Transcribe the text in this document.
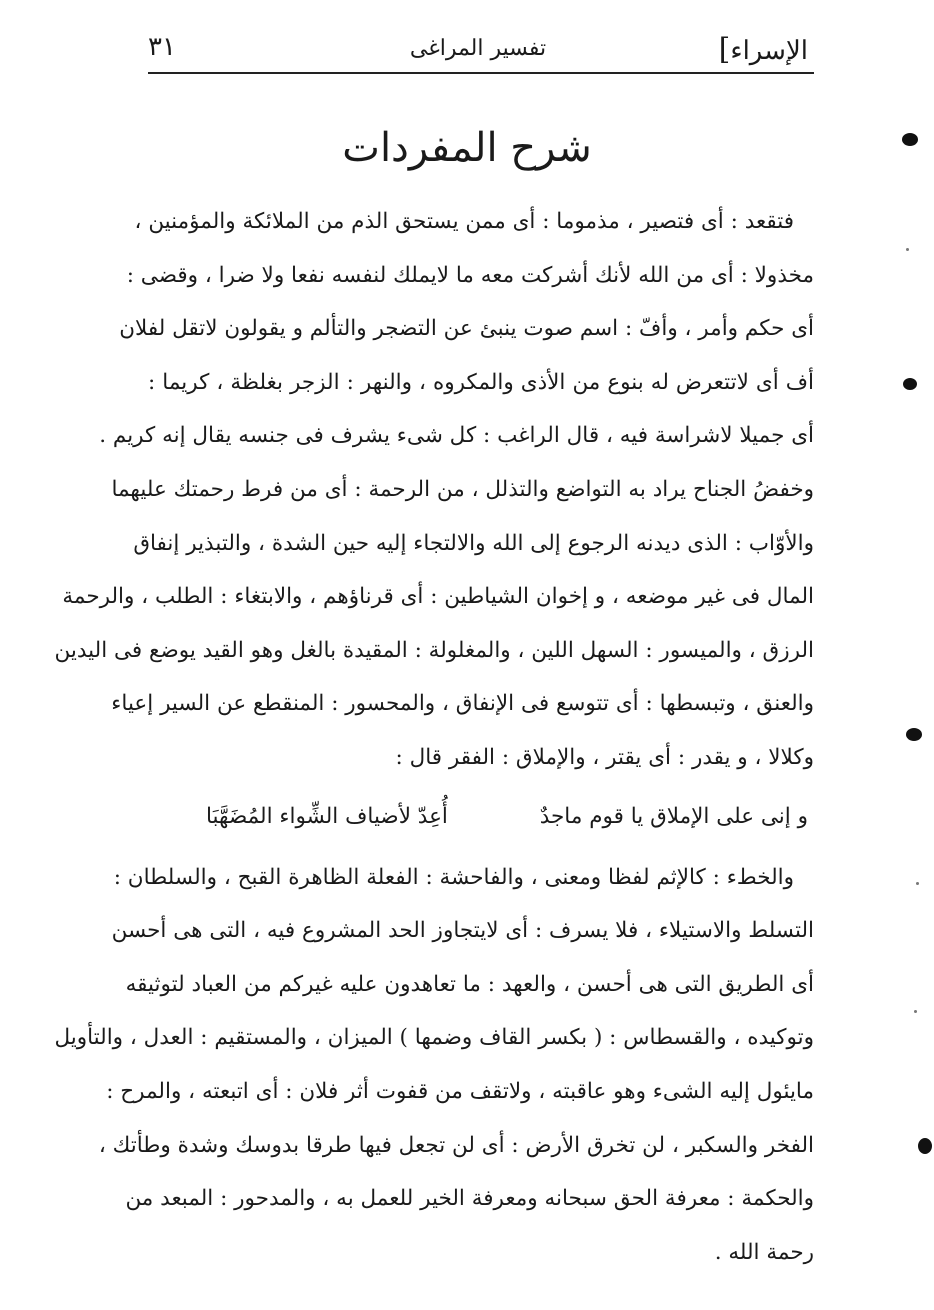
الإسراء]
تفسير المراغى
٣١
شرح المفردات
فتقعد : أى فتصير ، مذموما : أى ممن يستحق الذم من الملائكة والمؤمنين ،
مخذولا : أى من الله لأنك أشركت معه ما لايملك لنفسه نفعا ولا ضرا ، وقضى :
أى حكم وأمر ، وأفّ : اسم صوت ينبئ عن التضجر والتألم و يقولون لاتقل لفلان
أف أى لاتتعرض له بنوع من الأذى والمكروه ، والنهر : الزجر بغلظة ، كريما :
أى جميلا لاشراسة فيه ، قال الراغب : كل شىء يشرف فى جنسه يقال إنه كريم .
وخفضُ الجناح يراد به التواضع والتذلل ، من الرحمة : أى من فرط رحمتك عليهما
والأوّاب : الذى ديدنه الرجوع إلى الله والالتجاء إليه حين الشدة ، والتبذير إنفاق
المال فى غير موضعه ، و إخوان الشياطين : أى قرناؤهم ، والابتغاء : الطلب ، والرحمة
الرزق ، والميسور : السهل اللين ، والمغلولة : المقيدة بالغل وهو القيد يوضع فى اليدين
والعنق ، وتبسطها : أى تتوسع فى الإنفاق ، والمحسور : المنقطع عن السير إعياء
وكلالا ، و يقدر : أى يقتر ، والإملاق : الفقر قال :
و إنى على الإملاق يا قوم ماجدٌ
أُعِدّ لأضياف الشِّواء المُضَهَّبَا
والخطء : كالإثم لفظا ومعنى ، والفاحشة : الفعلة الظاهرة القبح ، والسلطان :
التسلط والاستيلاء ، فلا يسرف : أى لايتجاوز الحد المشروع فيه ، التى هى أحسن
أى الطريق التى هى أحسن ، والعهد : ما تعاهدون عليه غيركم من العباد لتوثيقه
وتوكيده ، والقسطاس : ( بكسر القاف وضمها ) الميزان ، والمستقيم : العدل ، والتأويل
مايئول إليه الشىء وهو عاقبته ، ولاتقف من قفوت أثر فلان : أى اتبعته ، والمرح :
الفخر والسكبر ، لن تخرق الأرض : أى لن تجعل فيها طرقا بدوسك وشدة وطأتك ،
والحكمة : معرفة الحق سبحانه ومعرفة الخير للعمل به ، والمدحور : المبعد من
رحمة الله .
